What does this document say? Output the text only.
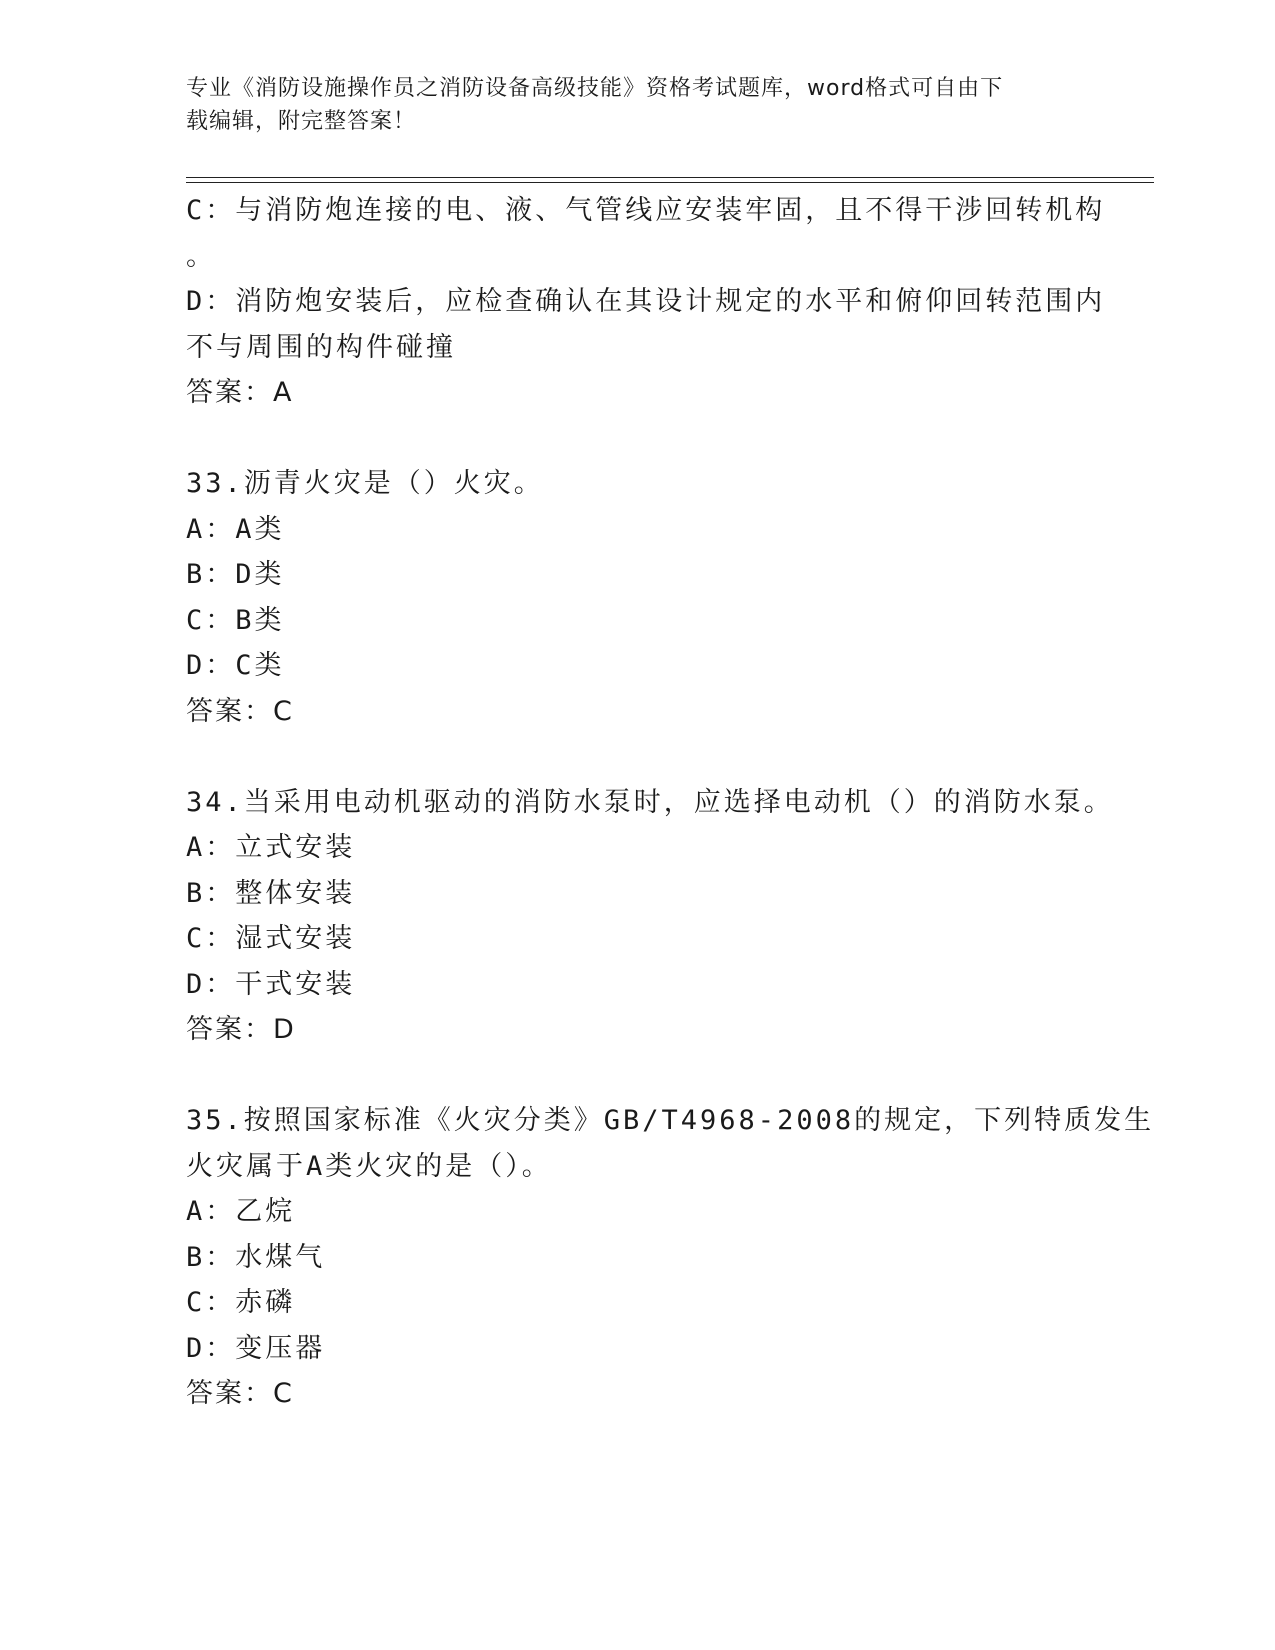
专业《消防设施操作员之消防设备高级技能》资格考试题库，word格式可自由下
载编辑，附完整答案！

C：与消防炮连接的电、液、气管线应安装牢固，且不得干涉回转机构

。

D：消防炮安装后，应检查确认在其设计规定的水平和俯仰回转范围内

不与周围的构件碰撞

答案：A

33.沥青火灾是（）火灾。

A：A类

B：D类

C：B类

D：C类

答案：C

34.当采用电动机驱动的消防水泵时，应选择电动机（）的消防水泵。

A：立式安装

B：整体安装

C：湿式安装

D：干式安装

答案：D

35.按照国家标准《火灾分类》GB/T4968-2008的规定，下列特质发生

火灾属于A类火灾的是（）。

A：乙烷

B：水煤气

C：赤磷

D：变压器

答案：C
